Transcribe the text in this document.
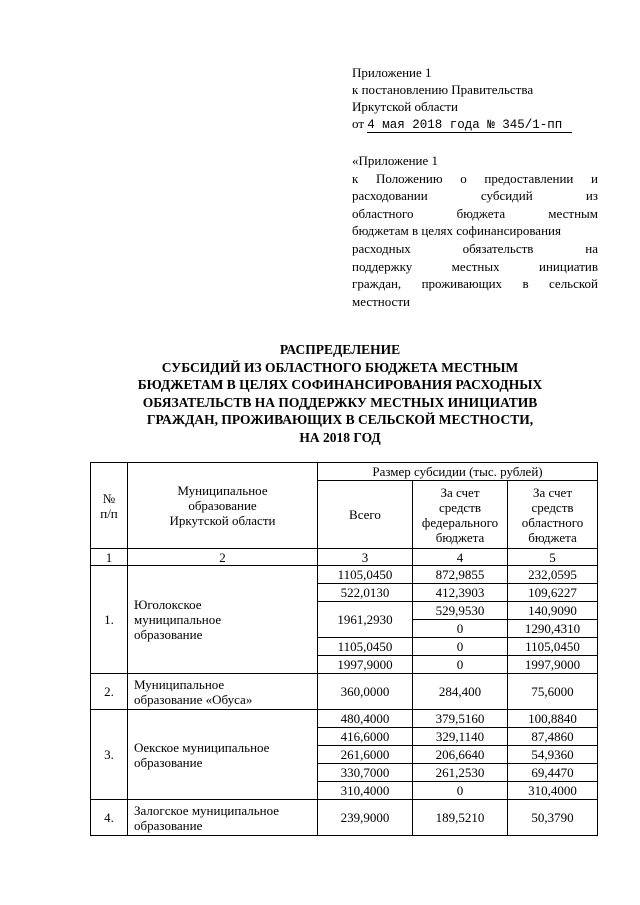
Приложение 1
к постановлению Правительства
Иркутской области
от 4 мая 2018 года № 345/1-пп
«Приложение 1
к Положению о предоставлении и
расходовании субсидий из
областного бюджета местным
бюджетам в целях софинансирования
расходных обязательств на
поддержку местных инициатив
граждан, проживающих в сельской
местности
РАСПРЕДЕЛЕНИЕ
СУБСИДИЙ ИЗ ОБЛАСТНОГО БЮДЖЕТА МЕСТНЫМ
БЮДЖЕТАМ В ЦЕЛЯХ СОФИНАНСИРОВАНИЯ РАСХОДНЫХ
ОБЯЗАТЕЛЬСТВ НА ПОДДЕРЖКУ МЕСТНЫХ ИНИЦИАТИВ
ГРАЖДАН, ПРОЖИВАЮЩИХ В СЕЛЬСКОЙ МЕСТНОСТИ,
НА 2018 ГОД
№
п/п	Муниципальное
образование
Иркутской области	Размер субсидии (тыс. рублей)		
		Всего	За счет
средств
федерального
бюджета	За счет
средств
областного
бюджета

1	2	3	4	5
1.	Юголокское
муниципальное
образование	1105,0450	872,9855	232,0595
		522,0130	412,3903	109,6227
		1961,2930	529,9530	140,9090
			0	1290,4310
		1105,0450	0	1105,0450
		1997,9000	0	1997,9000
2.	Муниципальное
образование «Обуса»	360,0000	284,400	75,6000
3.	Оекское муниципальное
образование	480,4000	379,5160	100,8840
		416,6000	329,1140	87,4860
		261,6000	206,6640	54,9360
		330,7000	261,2530	69,4470
		310,4000	0	310,4000
4.	Залогское муниципальное
образование	239,9000	189,5210	50,3790
